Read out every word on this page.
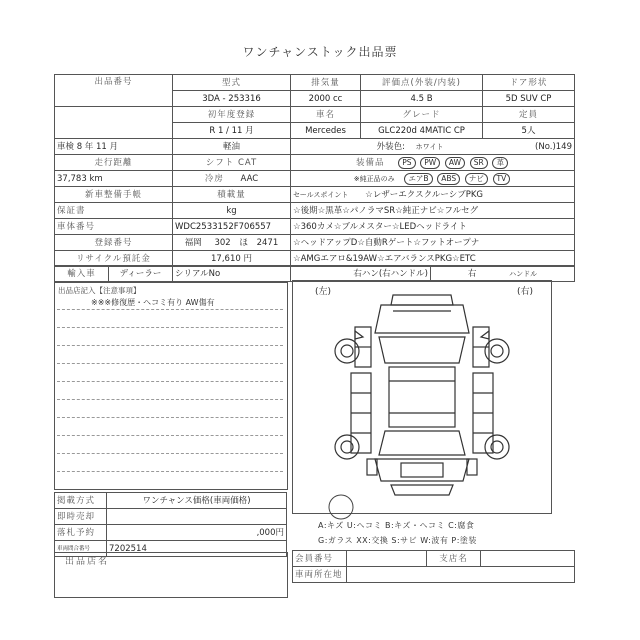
ワンチャンストック出品票
出品番号	型式	排気量	評価点(外装/内装)	ドア形状
	3DA - 253316	2000 cc	4.5 B	5D SUV CP
	初年度登録	車名	グレード	定員
	R 1 / 11 月	Mercedes	GLC220d 4MATIC CP	5人
車検 8 年 11 月	軽油	外装色: ホワイト (No.)149

走行距離	シフト CAT	装備品 PS PW AW SR 革
37,783 km	冷房 AAC	※純正品のみ エアB ABS ナビ TV
新車整備手帳	積載量	セールスポイント ☆レザーエクスクルーシブPKG
保証書	kg	☆後期☆黒革☆パノラマSR☆純正ナビ☆フルセグ
車体番号	WDC2533152F706557	☆360カメ☆ブルメスター☆LEDヘッドライト
登録番号	福岡 302 ほ 2471	☆ヘッドアップD☆自動Rゲート☆フットオープナ
リサイクル預託金	17,610 円	☆AMGエアロ&19AW☆エアバランスPKG☆ETC
輸入車	ディーラー	シリアルNo	右ハン(右ハンドル)	右	ハンドル
出品店記入【注意事項】
※※※修復歴・ヘコミ有り AW傷有
(左)	(右)
A:キズ U:ヘコミ B:キズ・ヘコミ C:腐食
G:ガラス XX:交換 S:サビ W:波有 P:塗装
掲載方式	ワンチャンス価格(車両価格)
即時売却	
落札予約	,000円
車両問合番号	7202514
出品店名	会員番号		支店名	
車両所在地			
